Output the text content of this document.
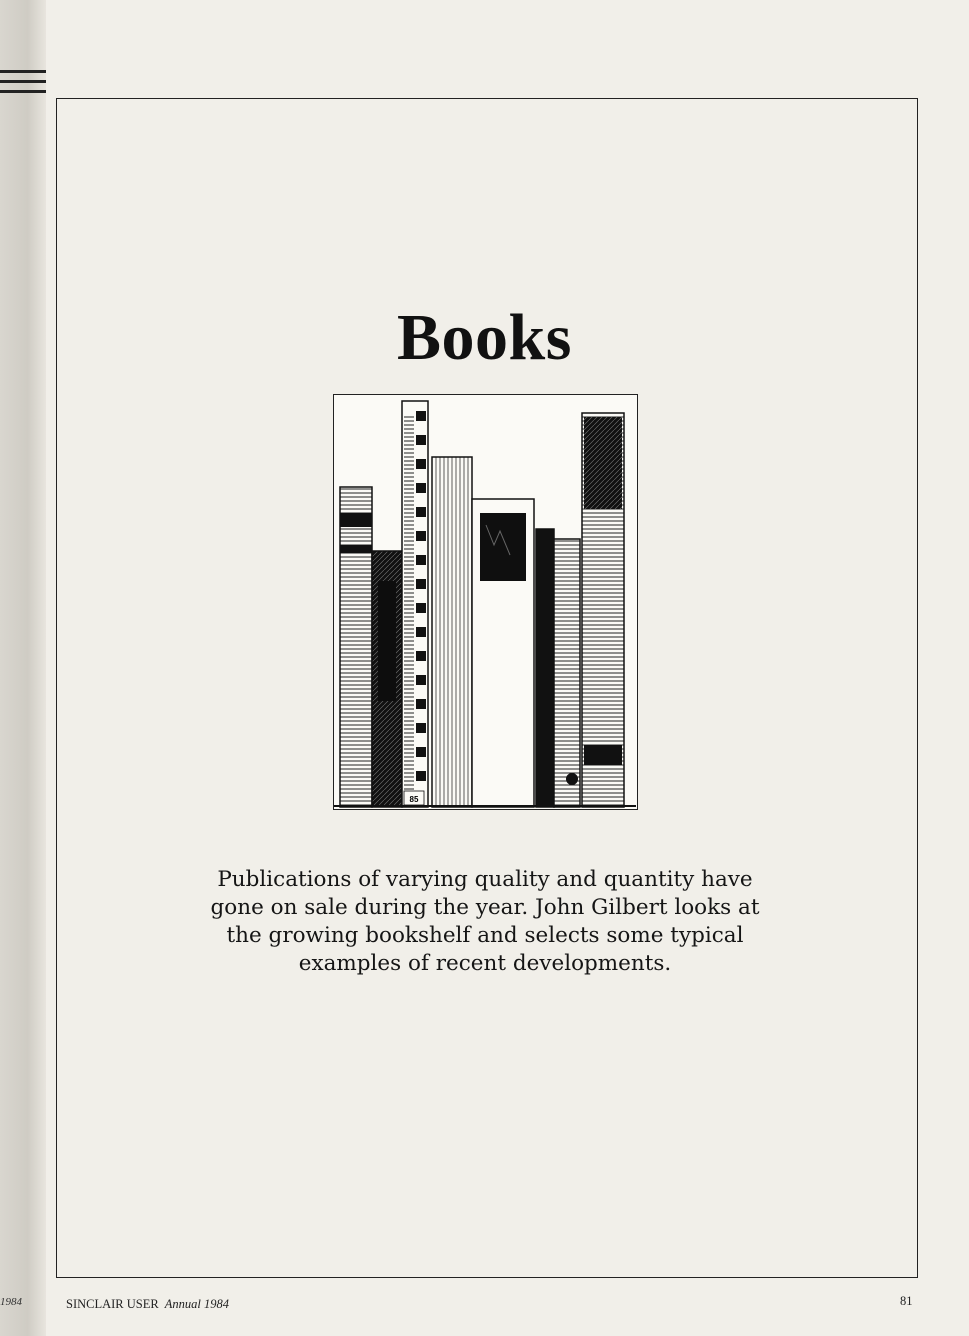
1984
Books
85

Publications of varying quality and quantity have gone on sale during the year. John Gilbert looks at the growing bookshelf and selects some typical examples of recent developments.

SINCLAIR USER Annual 1984	81
